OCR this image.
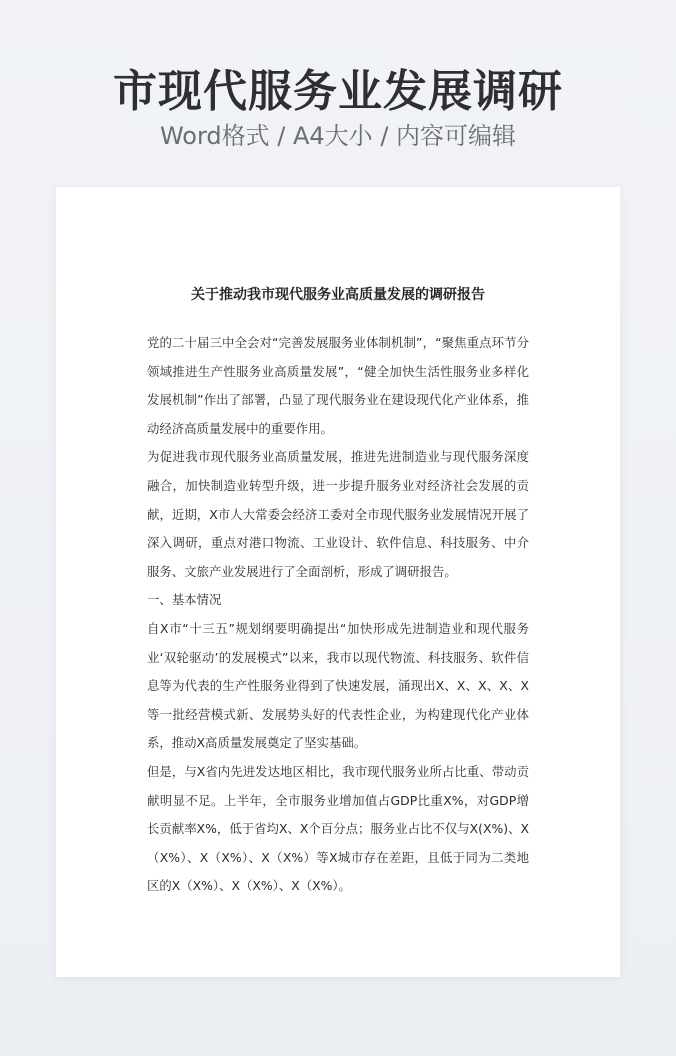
市现代服务业发展调研
Word格式 / A4大小 / 内容可编辑
关于推动我市现代服务业高质量发展的调研报告

党的二十届三中全会对“完善发展服务业体制机制”，“聚焦重点环节分领域推进生产性服务业高质量发展”，“健全加快生活性服务业多样化发展机制”作出了部署，凸显了现代服务业在建设现代化产业体系，推动经济高质量发展中的重要作用。

为促进我市现代服务业高质量发展，推进先进制造业与现代服务深度融合，加快制造业转型升级，进一步提升服务业对经济社会发展的贡献，近期，X市人大常委会经济工委对全市现代服务业发展情况开展了深入调研，重点对港口物流、工业设计、软件信息、科技服务、中介服务、文旅产业发展进行了全面剖析，形成了调研报告。

一、基本情况

自X市“十三五”规划纲要明确提出“加快形成先进制造业和现代服务业‘双轮驱动’的发展模式”以来，我市以现代物流、科技服务、软件信息等为代表的生产性服务业得到了快速发展，涌现出X、X、X、X、X等一批经营模式新、发展势头好的代表性企业，为构建现代化产业体系，推动X高质量发展奠定了坚实基础。

但是，与X省内先进发达地区相比，我市现代服务业所占比重、带动贡献明显不足。上半年，全市服务业增加值占GDP比重X%，对GDP增长贡献率X%，低于省均X、X个百分点；服务业占比不仅与X(X%)、X（X%）、X（X%）、X（X%）等X城市存在差距，且低于同为二类地区的X（X%）、X（X%）、X（X%）。
